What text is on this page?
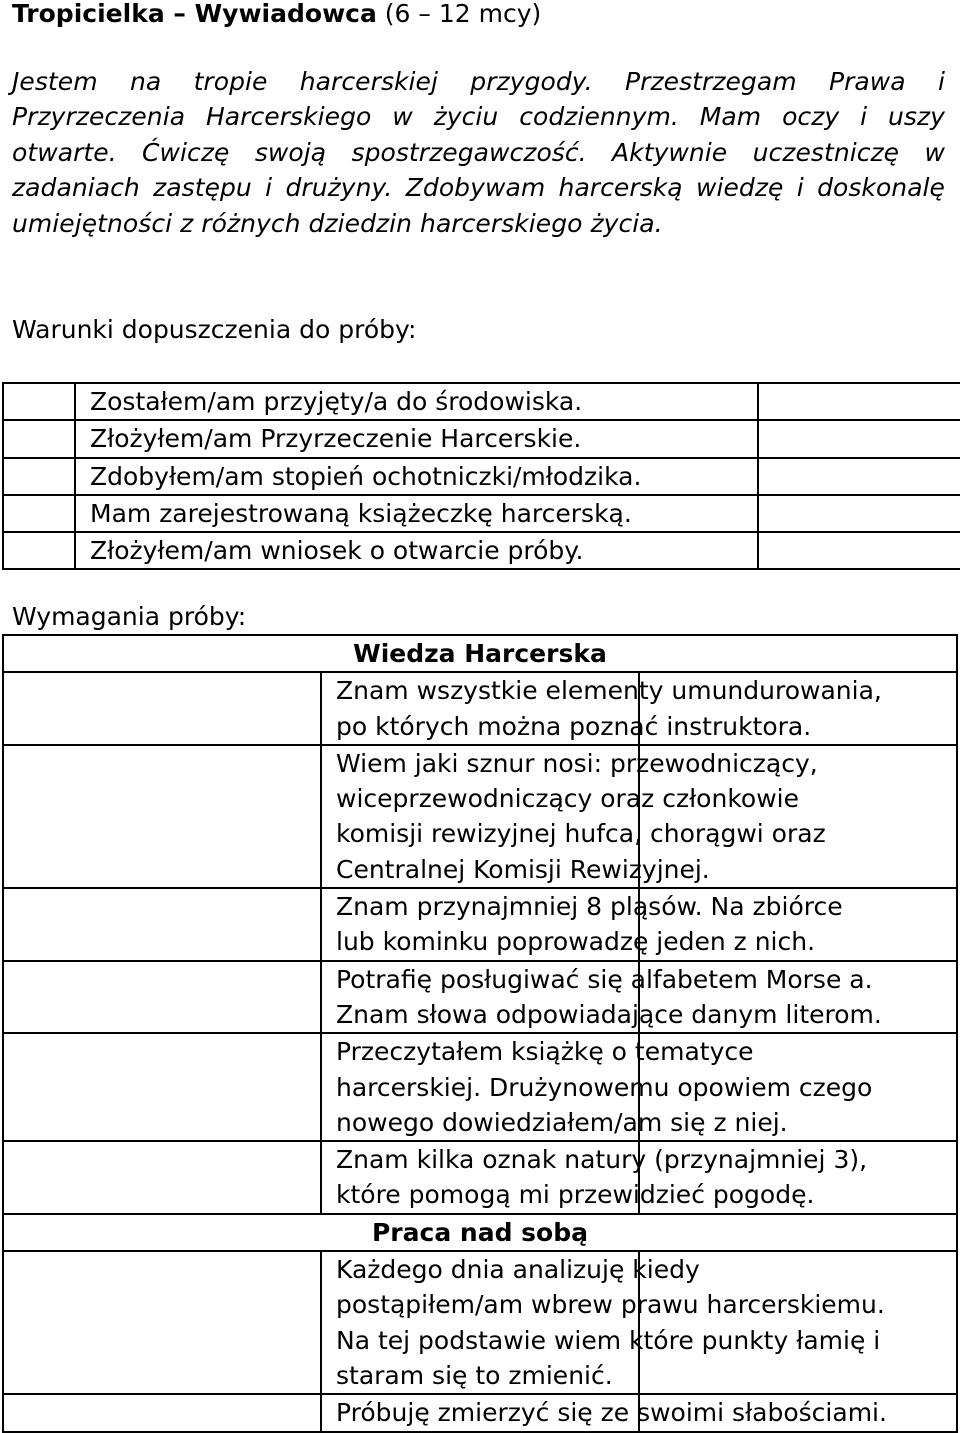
Tropicielka – Wywiadowca (6 – 12 mcy)
Jestem na tropie harcerskiej przygody. Przestrzegam Prawa i Przyrzeczenia Harcerskiego w życiu codziennym. Mam oczy i uszy otwarte. Ćwiczę swoją spostrzegawczość. Aktywnie uczestniczę w zadaniach zastępu i drużyny. Zdobywam harcerską wiedzę i doskonalę umiejętności z różnych dziedzin harcerskiego życia.
Warunki dopuszczenia do próby:
	Zostałem/am przyjęty/a do środowiska.	
	Złożyłem/am Przyrzeczenie Harcerskie.	
	Zdobyłem/am stopień ochotniczki/młodzika.	
	Mam zarejestrowaną książeczkę harcerską.	
	Złożyłem/am wniosek o otwarcie próby.	
Wymagania próby:
Wiedza Harcerska		

	Znam wszystkie elementy umundurowania,
po których można poznać instruktora.	

	Wiem jaki sznur nosi: przewodniczący,
wiceprzewodniczący oraz członkowie
komisji rewizyjnej hufca, chorągwi oraz
Centralnej Komisji Rewizyjnej.	

	Znam przynajmniej 8 pląsów. Na zbiórce
lub kominku poprowadzę jeden z nich.	

	Potrafię posługiwać się alfabetem Morse a.
Znam słowa odpowiadające danym literom.	

	Przeczytałem książkę o tematyce
harcerskiej. Drużynowemu opowiem czego
nowego dowiedziałem/am się z niej.	

	Znam kilka oznak natury (przynajmniej 3),
które pomogą mi przewidzieć pogodę.	

Praca nad sobą		

	Każdego dnia analizuję kiedy
postąpiłem/am wbrew prawu harcerskiemu.
Na tej podstawie wiem które punkty łamię i
staram się to zmienić.	

	Próbuję zmierzyć się ze swoimi słabościami.	
